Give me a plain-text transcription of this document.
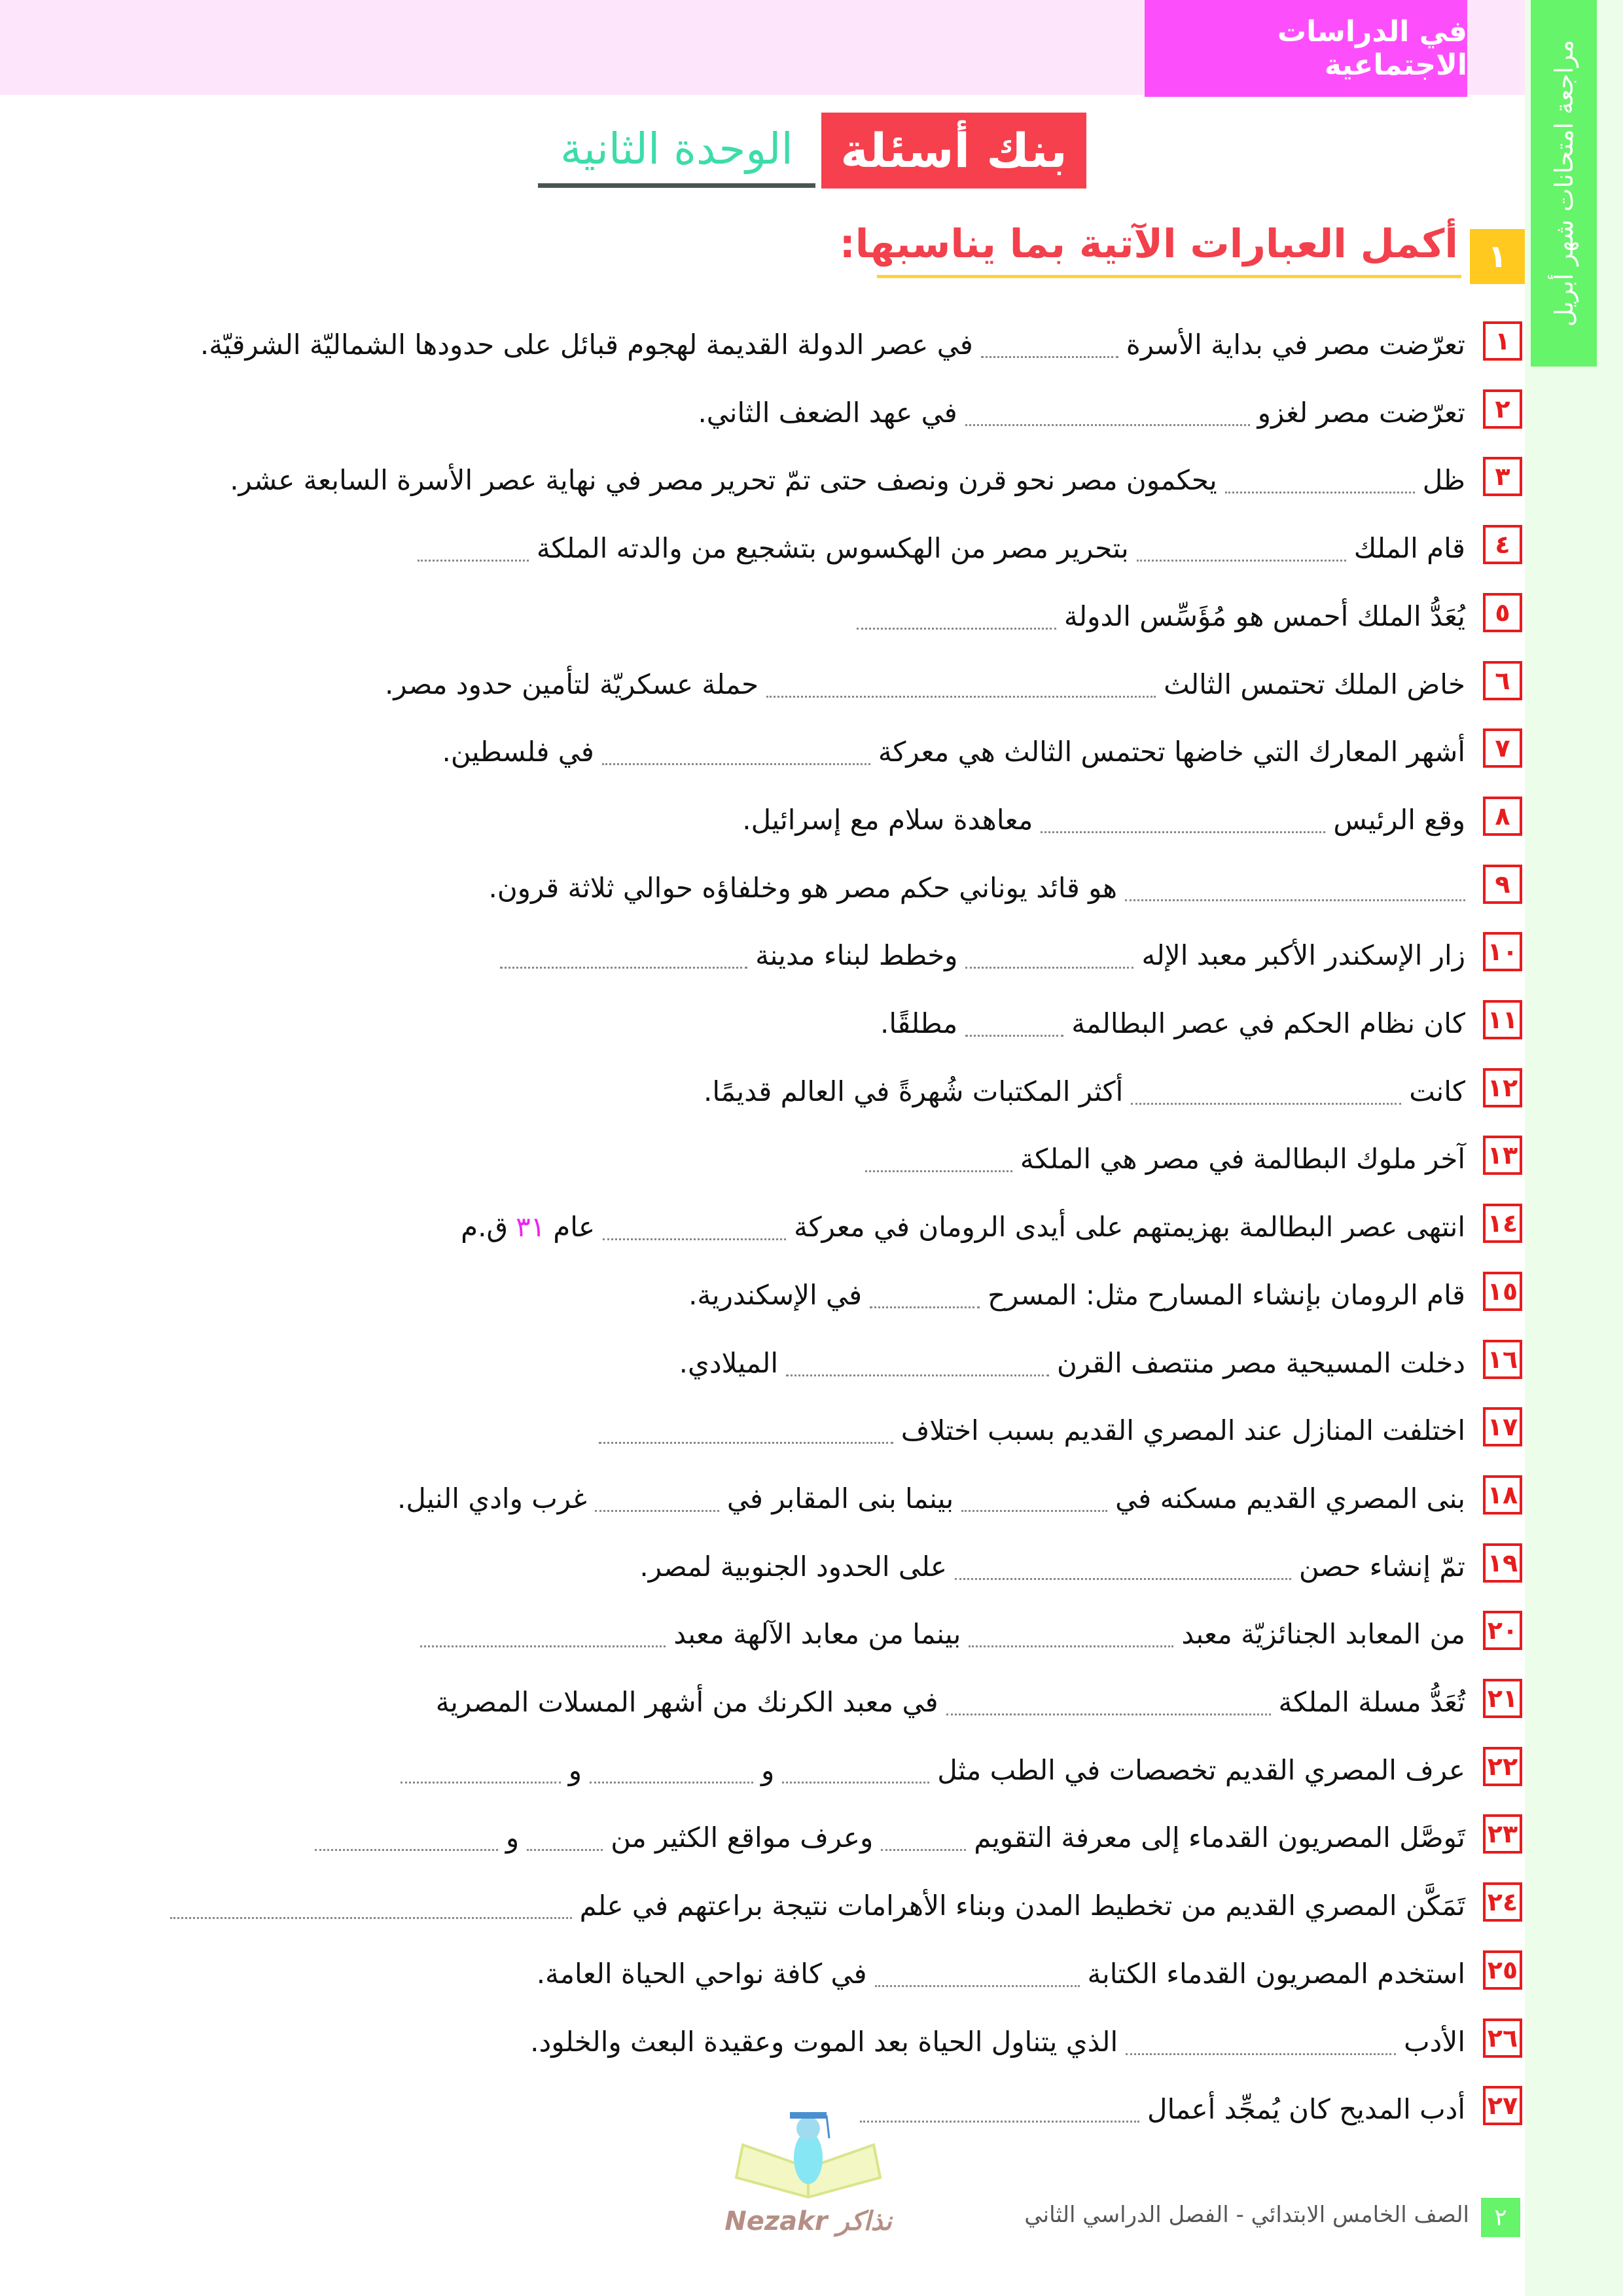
في الدراسات الاجتماعية	مراجعة امتحانات شهر أبريل
بنك أسئلة
الوحدة الثانية
١
أكمل العبارات الآتية بما يناسبها:
١
تعرّضت مصر في بداية الأسرة
في عصر الدولة القديمة لهجوم قبائل على حدودها الشماليّة الشرقيّة.
٢
تعرّضت مصر لغزو
في عهد الضعف الثاني.
٣
ظل
يحكمون مصر نحو قرن ونصف حتى تمّ تحرير مصر في نهاية عصر الأسرة السابعة عشر.
٤
قام الملك
بتحرير مصر من الهكسوس بتشجيع من والدته الملكة
٥
يُعَدُّ الملك أحمس هو مُؤَسِّس الدولة
٦
خاض الملك تحتمس الثالث
حملة عسكريّة لتأمين حدود مصر.
٧
أشهر المعارك التي خاضها تحتمس الثالث هي معركة
في فلسطين.
٨
وقع الرئيس
معاهدة سلام مع إسرائيل.
٩
هو قائد يوناني حكم مصر هو وخلفاؤه حوالي ثلاثة قرون.
١٠
زار الإسكندر الأكبر معبد الإله
وخطط لبناء مدينة
١١
كان نظام الحكم في عصر البطالمة
مطلقًا.
١٢
كانت
أكثر المكتبات شُهرةً في العالم قديمًا.
١٣
آخر ملوك البطالمة في مصر هي الملكة
١٤
انتهى عصر البطالمة بهزيمتهم على أيدى الرومان في معركة
عام
٣١
ق.م
١٥
قام الرومان بإنشاء المسارح مثل: المسرح
في الإسكندرية.
١٦
دخلت المسيحية مصر منتصف القرن
الميلادي.
١٧
اختلفت المنازل عند المصري القديم بسبب اختلاف
١٨
بنى المصري القديم مسكنه في
بينما بنى المقابر في
غرب وادي النيل.
١٩
تمّ إنشاء حصن
على الحدود الجنوبية لمصر.
٢٠
من المعابد الجنائزيّة معبد
بينما من معابد الآلهة معبد
٢١
تُعَدُّ مسلة الملكة
في معبد الكرنك من أشهر المسلات المصرية
٢٢
عرف المصري القديم تخصصات في الطب مثل
و
و
٢٣
تَوصَّل المصريون القدماء إلى معرفة التقويم
وعرف مواقع الكثير من
و
٢٤
تَمَكَّن المصري القديم من تخطيط المدن وبناء الأهرامات نتيجة براعتهم في علم
٢٥
استخدم المصريون القدماء الكتابة
في كافة نواحي الحياة العامة.
٢٦
الأدب
الذي يتناول الحياة بعد الموت وعقيدة البعث والخلود.
٢٧
أدب المديح كان يُمجِّد أعمال
٢
الصف الخامس الابتدائي - الفصل الدراسي الثاني
Nezakr نذاكر
